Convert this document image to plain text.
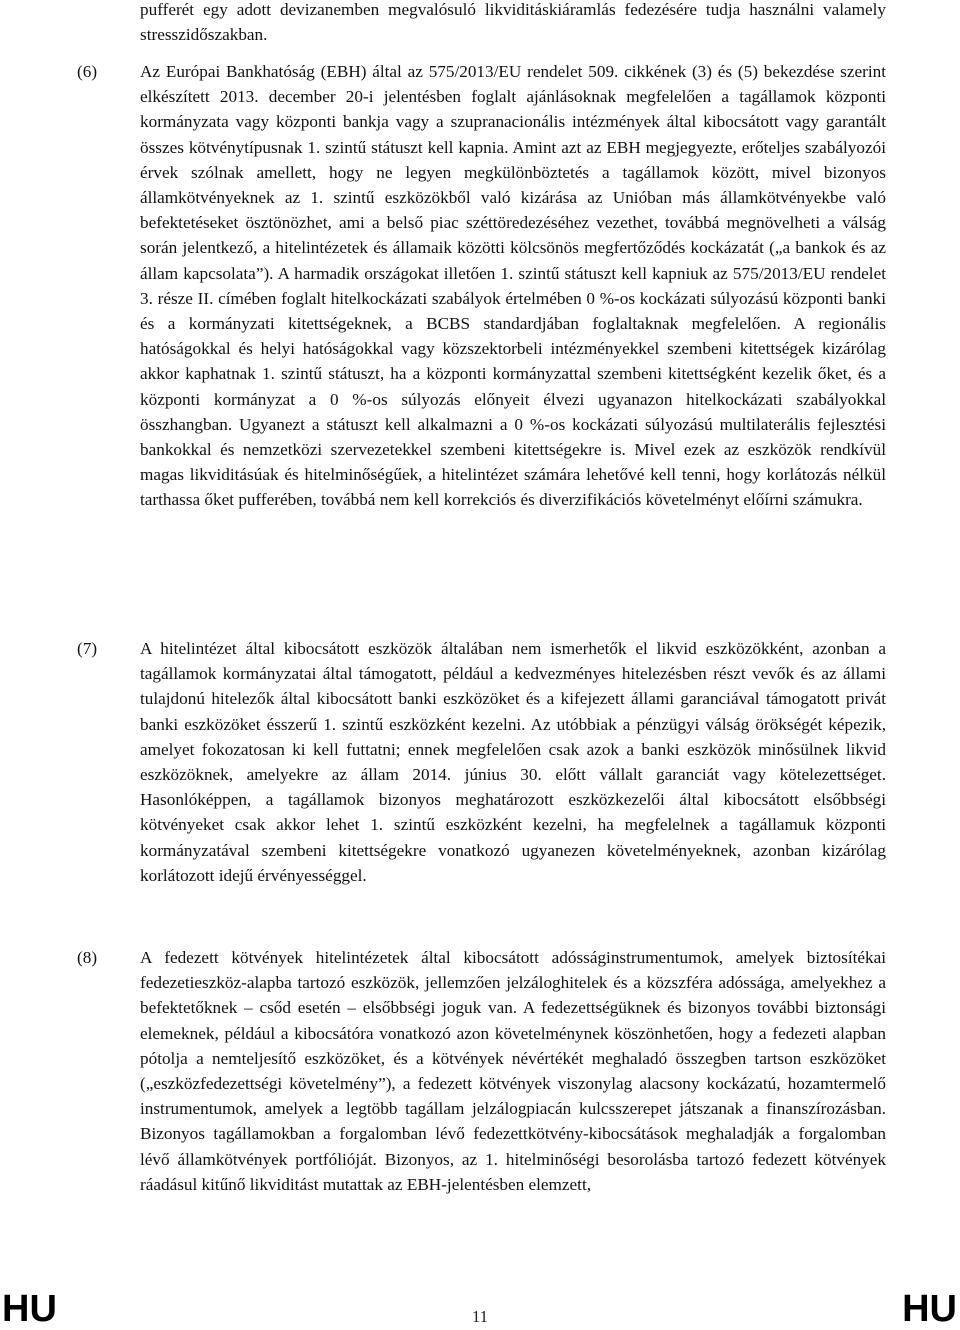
pufferét egy adott devizanemben megvalósuló likviditáskiáramlás fedezésére tudja használni valamely stresszidőszakban.

(6) Az Európai Bankhatóság (EBH) által az 575/2013/EU rendelet 509. cikkének (3) és (5) bekezdése szerint elkészített 2013. december 20-i jelentésben foglalt ajánlásoknak megfelelően a tagállamok központi kormányzata vagy központi bankja vagy a szupranacionális intézmények által kibocsátott vagy garantált összes kötvénytípusnak 1. szintű státuszt kell kapnia. Amint azt az EBH megjegyezte, erőteljes szabályozói érvek szólnak amellett, hogy ne legyen megkülönböztetés a tagállamok között, mivel bizonyos államkötvényeknek az 1. szintű eszközökből való kizárása az Unióban más államkötvényekbe való befektetéseket ösztönözhet, ami a belső piac széttöredezéséhez vezethet, továbbá megnövelheti a válság során jelentkező, a hitelintézetek és államaik közötti kölcsönös megfertőződés kockázatát („a bankok és az állam kapcsolata”). A harmadik országokat illetően 1. szintű státuszt kell kapniuk az 575/2013/EU rendelet 3. része II. címében foglalt hitelkockázati szabályok értelmében 0 %-os kockázati súlyozású központi banki és a kormányzati kitettségeknek, a BCBS standardjában foglaltaknak megfelelően. A regionális hatóságokkal és helyi hatóságokkal vagy közszektorbeli intézményekkel szembeni kitettségek kizárólag akkor kaphatnak 1. szintű státuszt, ha a központi kormányzattal szembeni kitettségként kezelik őket, és a központi kormányzat a 0 %-os súlyozás előnyeit élvezi ugyanazon hitelkockázati szabályokkal összhangban. Ugyanezt a státuszt kell alkalmazni a 0 %-os kockázati súlyozású multilaterális fejlesztési bankokkal és nemzetközi szervezetekkel szembeni kitettségekre is. Mivel ezek az eszközök rendkívül magas likviditásúak és hitelminőségűek, a hitelintézet számára lehetővé kell tenni, hogy korlátozás nélkül tarthassa őket pufferében, továbbá nem kell korrekciós és diverzifikációs követelményt előírni számukra.

(7) A hitelintézet által kibocsátott eszközök általában nem ismerhetők el likvid eszközökként, azonban a tagállamok kormányzatai által támogatott, például a kedvezményes hitelezésben részt vevők és az állami tulajdonú hitelezők által kibocsátott banki eszközöket és a kifejezett állami garanciával támogatott privát banki eszközöket ésszerű 1. szintű eszközként kezelni. Az utóbbiak a pénzügyi válság örökségét képezik, amelyet fokozatosan ki kell futtatni; ennek megfelelően csak azok a banki eszközök minősülnek likvid eszközöknek, amelyekre az állam 2014. június 30. előtt vállalt garanciát vagy kötelezettséget. Hasonlóképpen, a tagállamok bizonyos meghatározott eszközkezelői által kibocsátott elsőbbségi kötvényeket csak akkor lehet 1. szintű eszközként kezelni, ha megfelelnek a tagállamuk központi kormányzatával szembeni kitettségekre vonatkozó ugyanezen követelményeknek, azonban kizárólag korlátozott idejű érvényességgel.

(8) A fedezett kötvények hitelintézetek által kibocsátott adósságinstrumentumok, amelyek biztosítékai fedezetieszköz-alapba tartozó eszközök, jellemzően jelzáloghitelek és a közszféra adóssága, amelyekhez a befektetőknek – csőd esetén – elsőbbségi joguk van. A fedezettségüknek és bizonyos további biztonsági elemeknek, például a kibocsátóra vonatkozó azon követelménynek köszönhetően, hogy a fedezeti alapban pótolja a nemteljesítő eszközöket, és a kötvények névértékét meghaladó összegben tartson eszközöket („eszközfedezettségi követelmény”), a fedezett kötvények viszonylag alacsony kockázatú, hozamtermelő instrumentumok, amelyek a legtöbb tagállam jelzálogpiacán kulcsszerepet játszanak a finanszírozásban. Bizonyos tagállamokban a forgalomban lévő fedezettkötvény-kibocsátások meghaladják a forgalomban lévő államkötvények portfólióját. Bizonyos, az 1. hitelminőségi besorolásba tartozó fedezett kötvények ráadásul kitűnő likviditást mutattak az EBH-jelentésben elemzett,

HU	11	HU
